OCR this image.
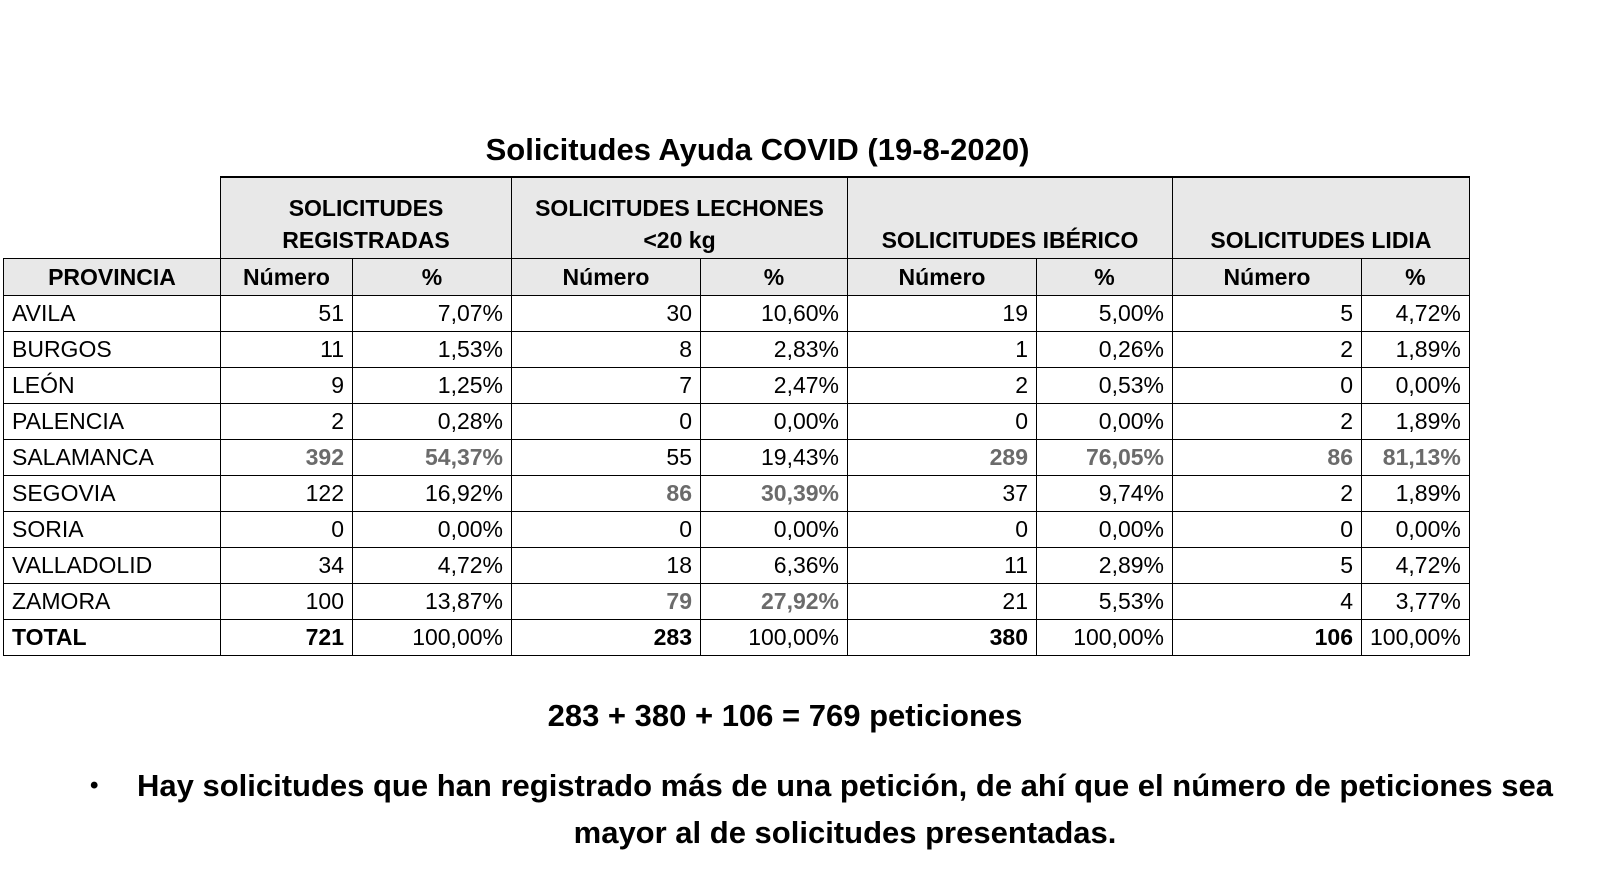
Solicitudes Ayuda COVID (19-8-2020)
	SOLICITUDES REGISTRADAS		SOLICITUDES LECHONES <20 kg		SOLICITUDES IBÉRICO		SOLICITUDES LIDIA	
PROVINCIA	Número	%	Número	%	Número	%	Número	%
AVILA	51	7,07%	30	10,60%	19	5,00%	5	4,72%
BURGOS	11	1,53%	8	2,83%	1	0,26%	2	1,89%
LEÓN	9	1,25%	7	2,47%	2	0,53%	0	0,00%
PALENCIA	2	0,28%	0	0,00%	0	0,00%	2	1,89%
SALAMANCA	392	54,37%	55	19,43%	289	76,05%	86	81,13%
SEGOVIA	122	16,92%	86	30,39%	37	9,74%	2	1,89%
SORIA	0	0,00%	0	0,00%	0	0,00%	0	0,00%
VALLADOLID	34	4,72%	18	6,36%	11	2,89%	5	4,72%
ZAMORA	100	13,87%	79	27,92%	21	5,53%	4	3,77%
TOTAL	721	100,00%	283	100,00%	380	100,00%	106	100,00%
283 + 380 + 106 = 769 peticiones
• Hay solicitudes que han registrado más de una petición, de ahí que el número de peticiones sea mayor al de solicitudes presentadas.
